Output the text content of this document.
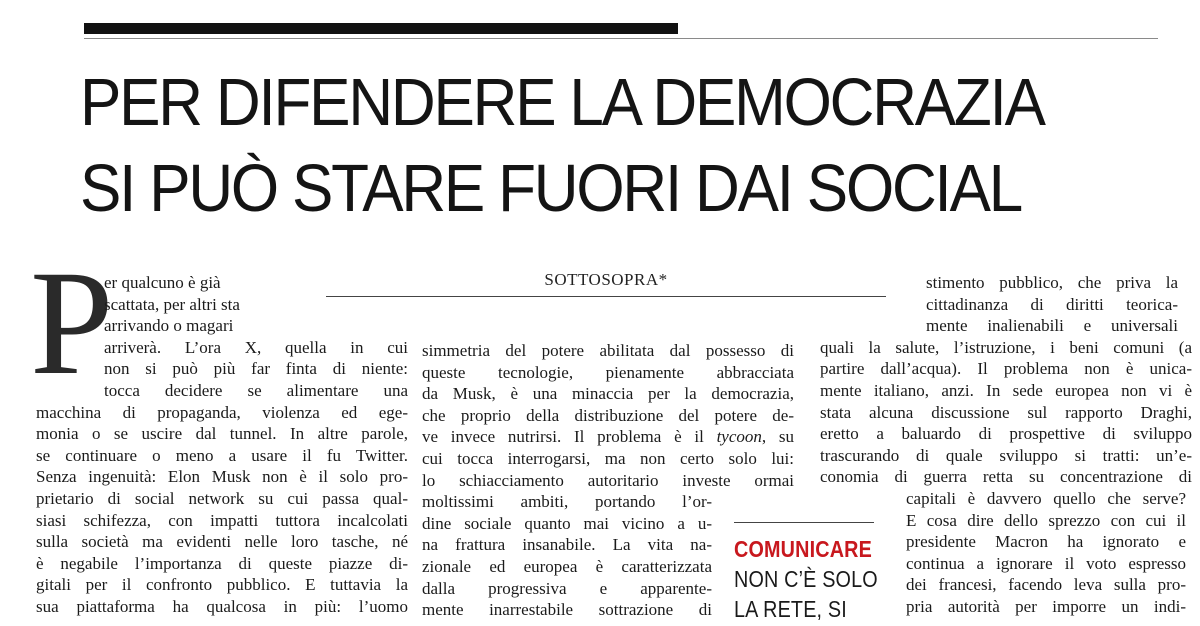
PER DIFENDERE LA DEMOCRAZIA
SI PUÒ STARE FUORI DAI SOCIAL
SOTTOSOPRA*
P
er qualcuno è già
scattata, per altri sta
arrivando o magari
arriverà. L’ora X, quella in cui
non si può più far finta di niente:
tocca decidere se alimentare una
macchina di propaganda, violenza ed ege-
monia o se uscire dal tunnel. In altre parole,
se continuare o meno a usare il fu Twitter.
Senza ingenuità: Elon Musk non è il solo pro-
prietario di social network su cui passa qual-
siasi schifezza, con impatti tuttora incalcolati
sulla società ma evidenti nelle loro tasche, né
è negabile l’importanza di queste piazze di-
gitali per il confronto pubblico. E tuttavia la
sua piattaforma ha qualcosa in più: l’uomo
simmetria del potere abilitata dal possesso di
queste tecnologie, pienamente abbracciata
da Musk, è una minaccia per la democrazia,
che proprio della distribuzione del potere de-
ve invece nutrirsi. Il problema è il tycoon, su
cui tocca interrogarsi, ma non certo solo lui:
lo schiacciamento autoritario investe ormai
moltissimi ambiti, portando l’or-
dine sociale quanto mai vicino a u-
na frattura insanabile. La vita na-
zionale ed europea è caratterizzata
dalla progressiva e apparente-
mente inarrestabile sottrazione di
COMUNICARE
NON C’È SOLO
LA RETE, SI
stimento pubblico, che priva la
cittadinanza di diritti teorica-
mente inalienabili e universali
quali la salute, l’istruzione, i beni comuni (a
partire dall’acqua). Il problema non è unica-
mente italiano, anzi. In sede europea non vi è
stata alcuna discussione sul rapporto Draghi,
eretto a baluardo di prospettive di sviluppo
trascurando di quale sviluppo si tratti: un’e-
conomia di guerra retta su concentrazione di
capitali è davvero quello che serve?
E cosa dire dello sprezzo con cui il
presidente Macron ha ignorato e
continua a ignorare il voto espresso
dei francesi, facendo leva sulla pro-
pria autorità per imporre un indi-
